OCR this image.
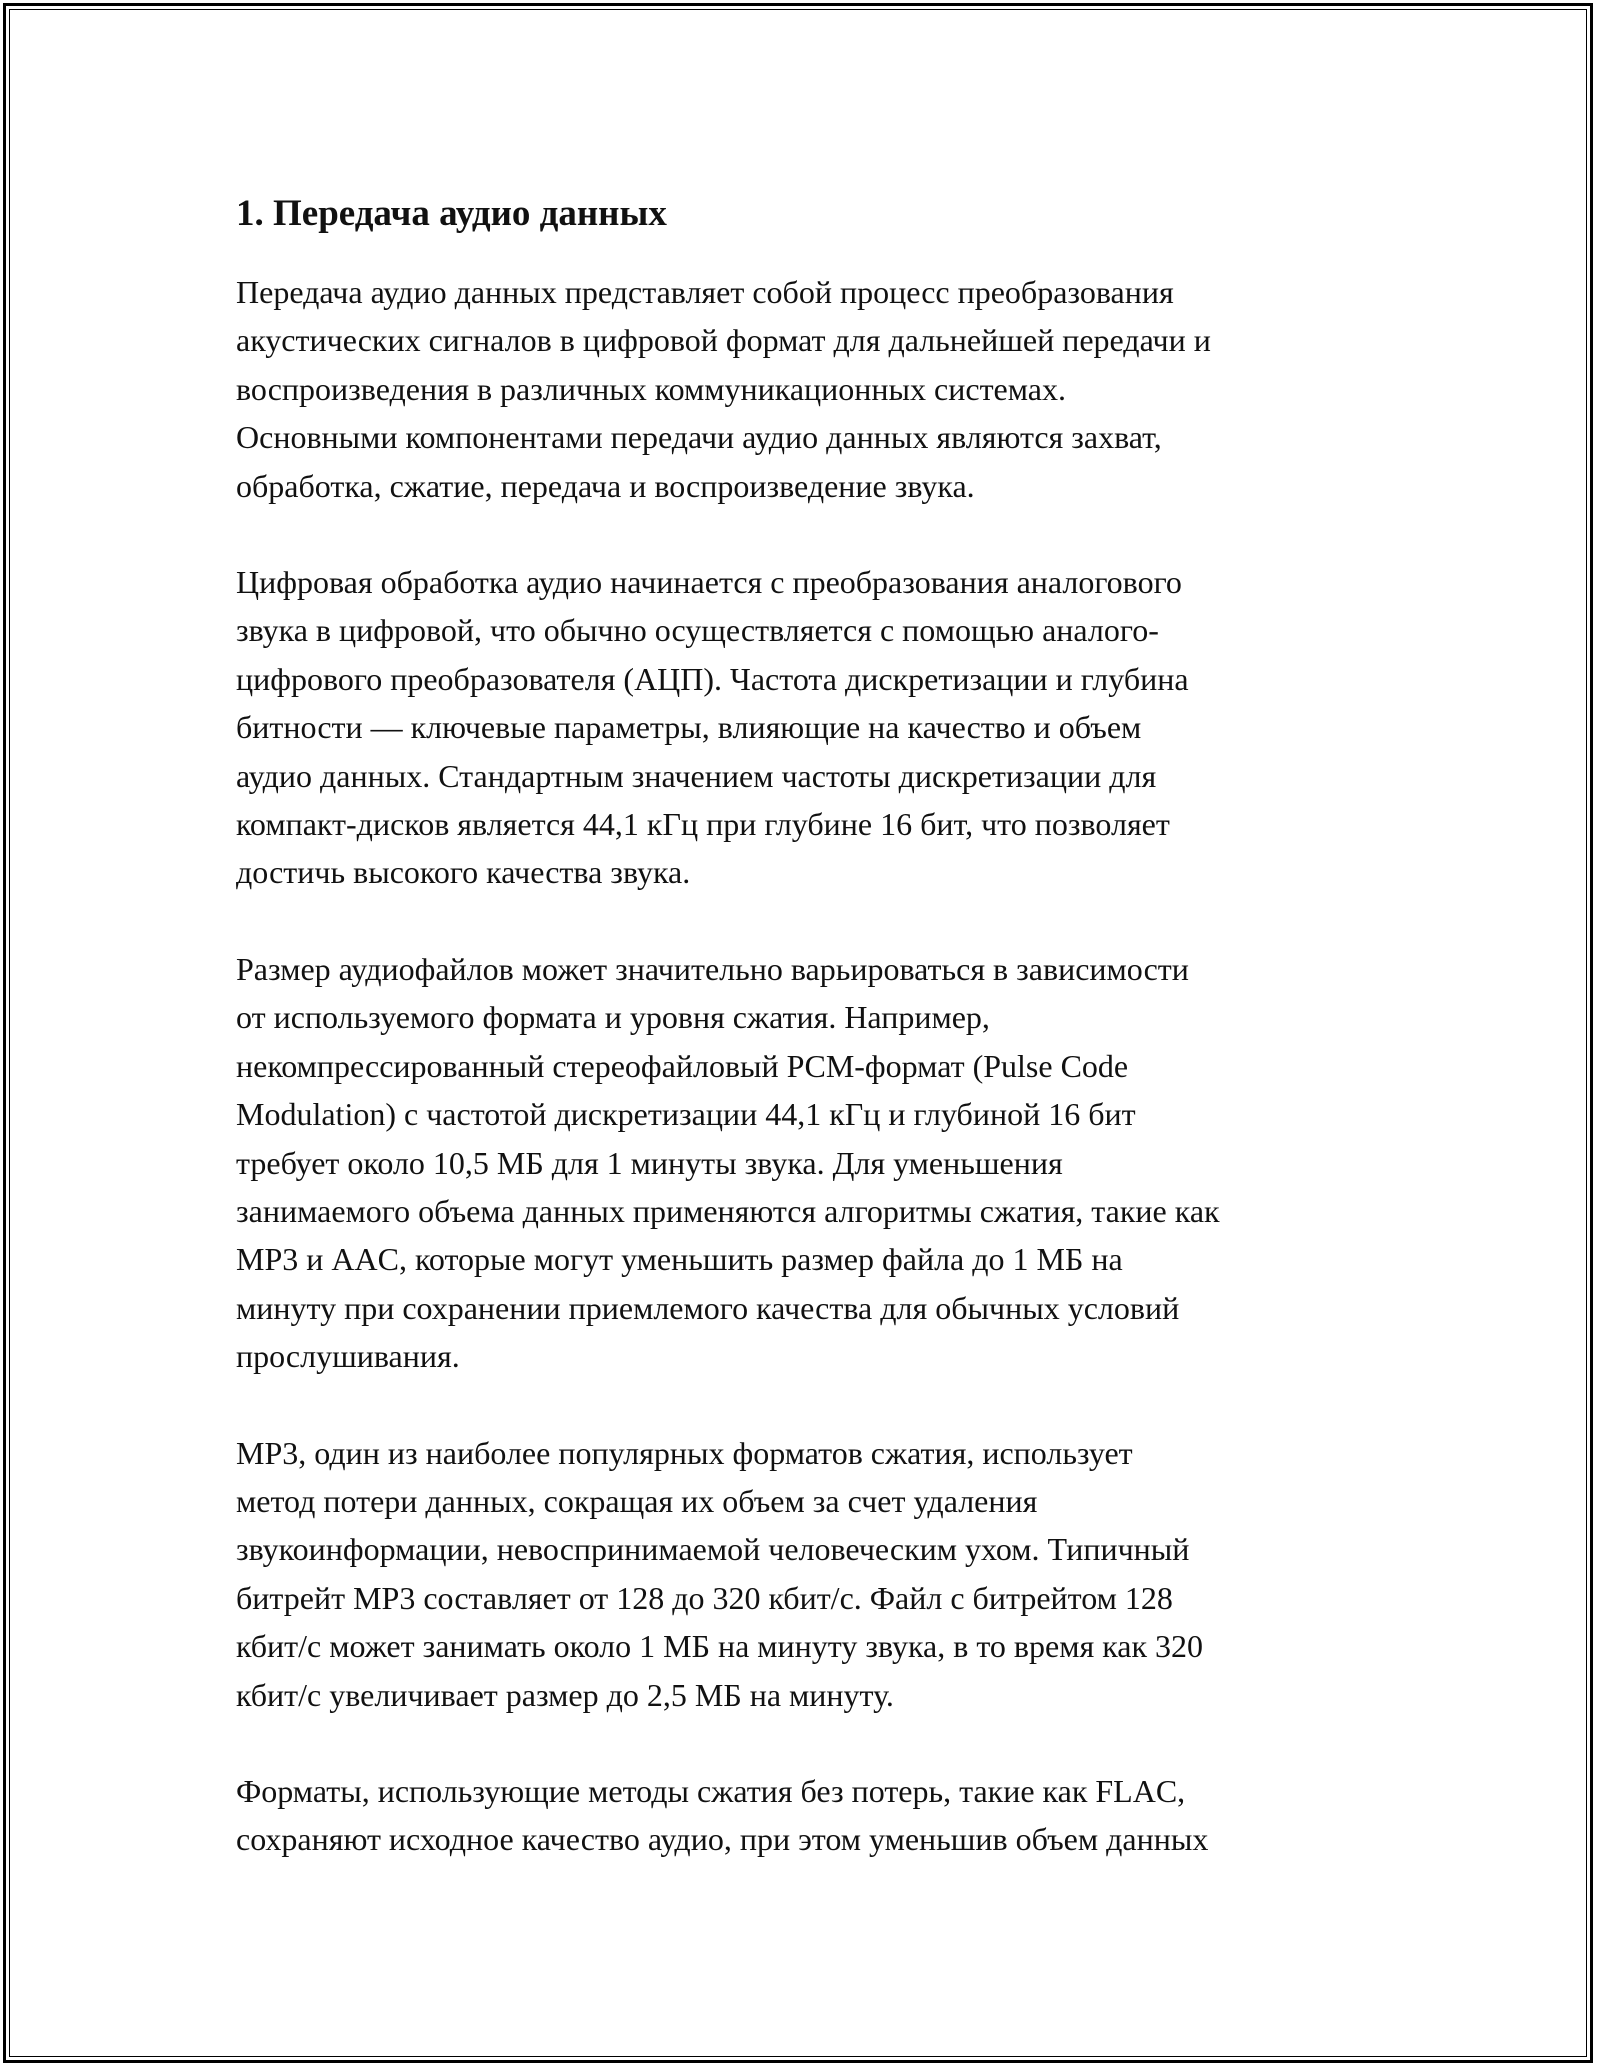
1. Передача аудио данных

Передача аудио данных представляет собой процесс преобразования
акустических сигналов в цифровой формат для дальнейшей передачи и
воспроизведения в различных коммуникационных системах.
Основными компонентами передачи аудио данных являются захват,
обработка, сжатие, передача и воспроизведение звука.

Цифровая обработка аудио начинается с преобразования аналогового
звука в цифровой, что обычно осуществляется с помощью аналого-
цифрового преобразователя (АЦП). Частота дискретизации и глубина
битности — ключевые параметры, влияющие на качество и объем
аудио данных. Стандартным значением частоты дискретизации для
компакт-дисков является 44,1 кГц при глубине 16 бит, что позволяет
достичь высокого качества звука.

Размер аудиофайлов может значительно варьироваться в зависимости
от используемого формата и уровня сжатия. Например,
некомпрессированный стереофайловый PCM-формат (Pulse Code
Modulation) с частотой дискретизации 44,1 кГц и глубиной 16 бит
требует около 10,5 МБ для 1 минуты звука. Для уменьшения
занимаемого объема данных применяются алгоритмы сжатия, такие как
MP3 и AAC, которые могут уменьшить размер файла до 1 МБ на
минуту при сохранении приемлемого качества для обычных условий
прослушивания.

MP3, один из наиболее популярных форматов сжатия, использует
метод потери данных, сокращая их объем за счет удаления
звукоинформации, невоспринимаемой человеческим ухом. Типичный
битрейт MP3 составляет от 128 до 320 кбит/с. Файл с битрейтом 128
кбит/с может занимать около 1 МБ на минуту звука, в то время как 320
кбит/с увеличивает размер до 2,5 МБ на минуту.

Форматы, использующие методы сжатия без потерь, такие как FLAC,
сохраняют исходное качество аудио, при этом уменьшив объем данных
